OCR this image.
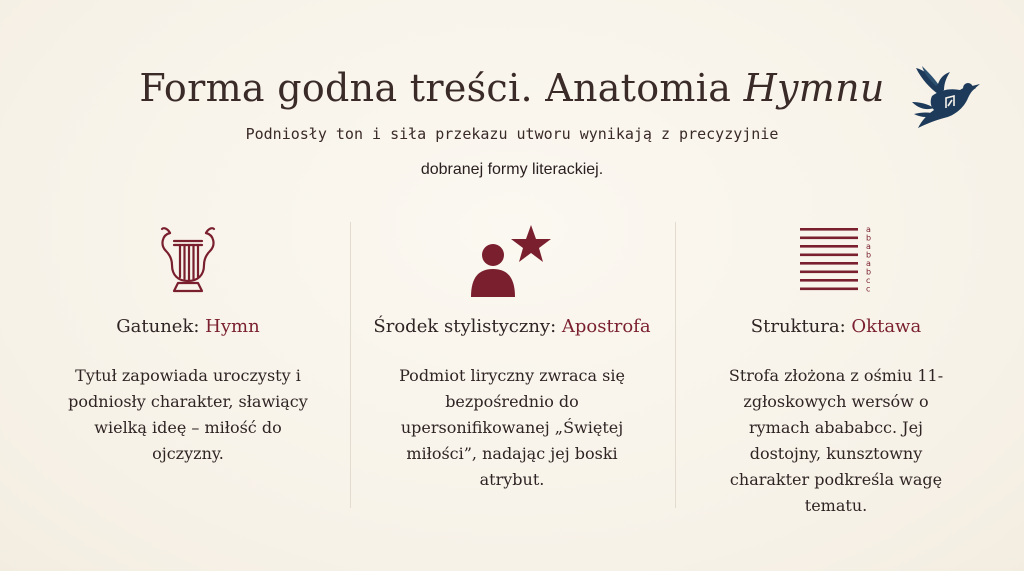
Forma godna treści. Anatomia Hymnu
Podniosły ton i siła przekazu utworu wynikają z precyzyjnie
dobranej formy literackiej.
Gatunek: Hymn
Tytuł zapowiada uroczysty i podniosły charakter, sławiący wielką ideę – miłość do ojczyzny.
Środek stylistyczny: Apostrofa
Podmiot liryczny zwraca się bezpośrednio do upersonifikowanej „Świętej miłości”, nadając jej boski atrybut.
a
b
a
b
a
b
c
c
Struktura: Oktawa
Strofa złożona z ośmiu 11-zgłoskowych wersów o rymach abababcc. Jej dostojny, kunsztowny charakter podkreśla wagę tematu.
